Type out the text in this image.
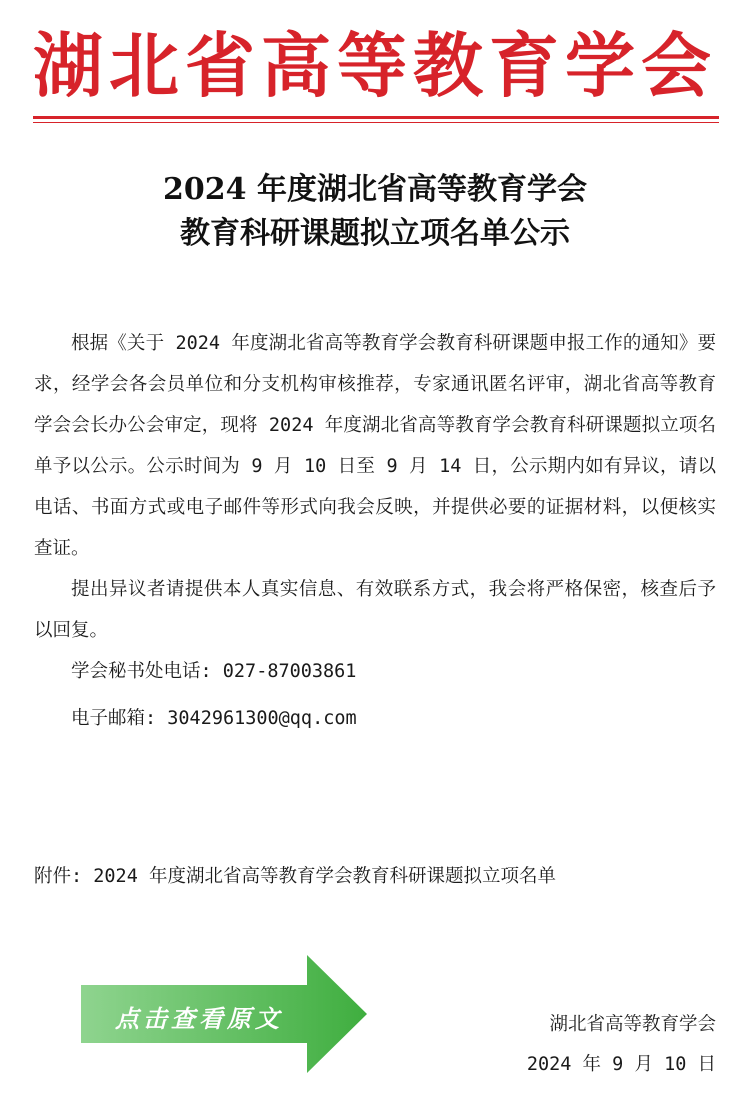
湖北省高等教育学会
2024 年度湖北省高等教育学会
教育科研课题拟立项名单公示

根据《关于 2024 年度湖北省高等教育学会教育科研课题申报工作的通知》要求，经学会各会员单位和分支机构审核推荐，专家通讯匿名评审，湖北省高等教育学会会长办公会审定，现将 2024 年度湖北省高等教育学会教育科研课题拟立项名单予以公示。公示时间为 9 月 10 日至 9 月 14 日，公示期内如有异议，请以电话、书面方式或电子邮件等形式向我会反映，并提供必要的证据材料，以便核实查证。

提出异议者请提供本人真实信息、有效联系方式，我会将严格保密，核查后予以回复。

学会秘书处电话: 027-87003861

电子邮箱: 3042961300@qq.com

附件: 2024 年度湖北省高等教育学会教育科研课题拟立项名单
点击查看原文	湖北省高等教育学会
2024 年 9 月 10 日
